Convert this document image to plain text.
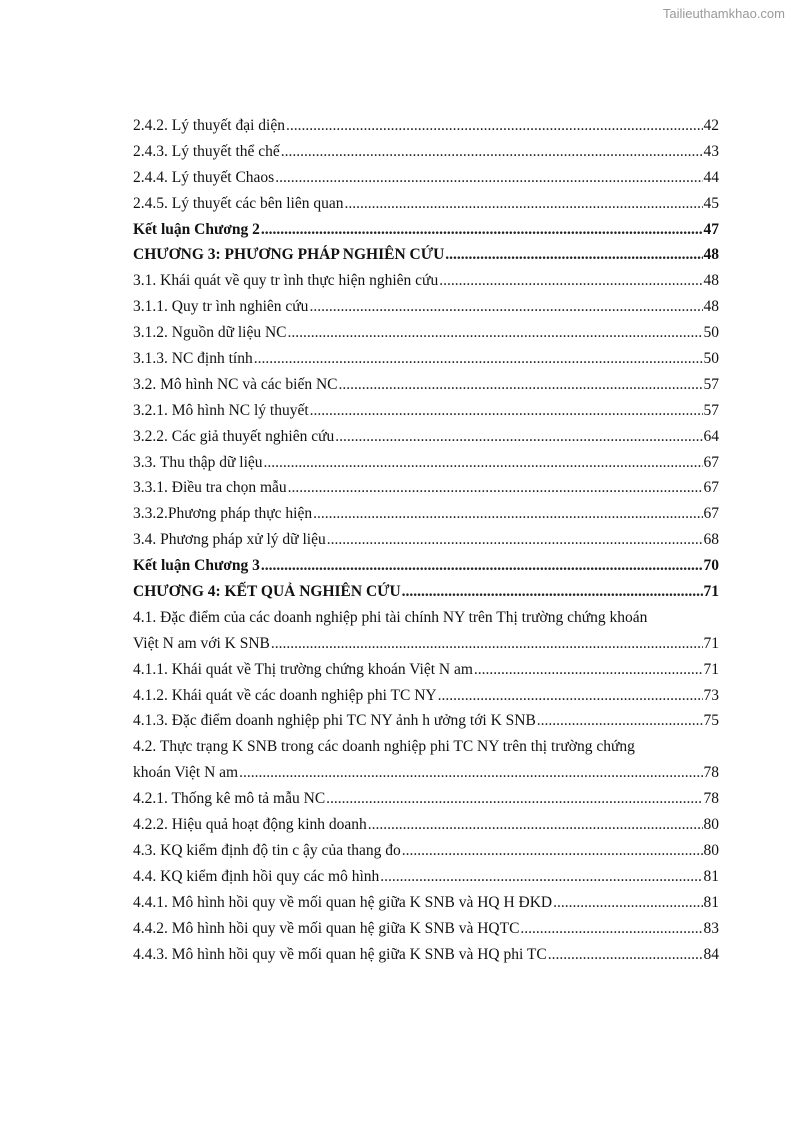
Tailieuthamkhao.com
2.4.2. Lý thuyết đại diện .....	42
2.4.3. Lý thuyết thể chế .....	43
2.4.4. Lý thuyết Chaos .....	44
2.4.5. Lý thuyết các bên liên quan .....	45
Kết luận Chương 2 .....	47
CHƯƠNG 3: PHƯƠNG PHÁP NGHIÊN CỨU .....	48
3.1. Khái quát về quy tr ình thực hiện nghiên cứu .....	48
3.1.1. Quy tr ình nghiên cứu .....	48
3.1.2. Nguồn dữ liệu NC .....	50
3.1.3. NC định tính .....	50
3.2. Mô hình NC và các biến NC .....	57
3.2.1. Mô hình NC lý thuyết .....	57
3.2.2. Các giả thuyết nghiên cứu .....	64
3.3. Thu thập dữ liệu .....	67
3.3.1. Điều tra chọn mẫu .....	67
3.3.2.Phương pháp thực hiện .....	67
3.4. Phương pháp xử lý dữ liệu .....	68
Kết luận Chương 3 .....	70
CHƯƠNG 4: KẾT QUẢ NGHIÊN CỨU .....	71
4.1. Đặc điểm của các doanh nghiệp phi tài chính NY trên Thị trường chứng khoán
Việt N am với K SNB .....	71
4.1.1. Khái quát về Thị trường chứng khoán Việt N am .....	71
4.1.2. Khái quát về các doanh nghiệp phi TC NY .....	73
4.1.3. Đặc điểm doanh nghiệp phi TC NY ảnh h ưởng tới K SNB .....	75
4.2. Thực trạng K SNB trong các doanh nghiệp phi TC NY trên thị trường chứng
khoán Việt N am .....	78
4.2.1. Thống kê mô tả mẫu NC .....	78
4.2.2. Hiệu quả hoạt động kinh doanh .....	80
4.3. KQ kiểm định độ tin c ậy của thang đo .....	80
4.4. KQ kiểm định hồi quy các mô hình .....	81
4.4.1. Mô hình hồi quy về mối quan hệ giữa K SNB và HQ H ĐKD .....	81
4.4.2. Mô hình hồi quy về mối quan hệ giữa K SNB và HQTC .....	83
4.4.3. Mô hình hồi quy về mối quan hệ giữa K SNB và HQ phi TC .....	84
